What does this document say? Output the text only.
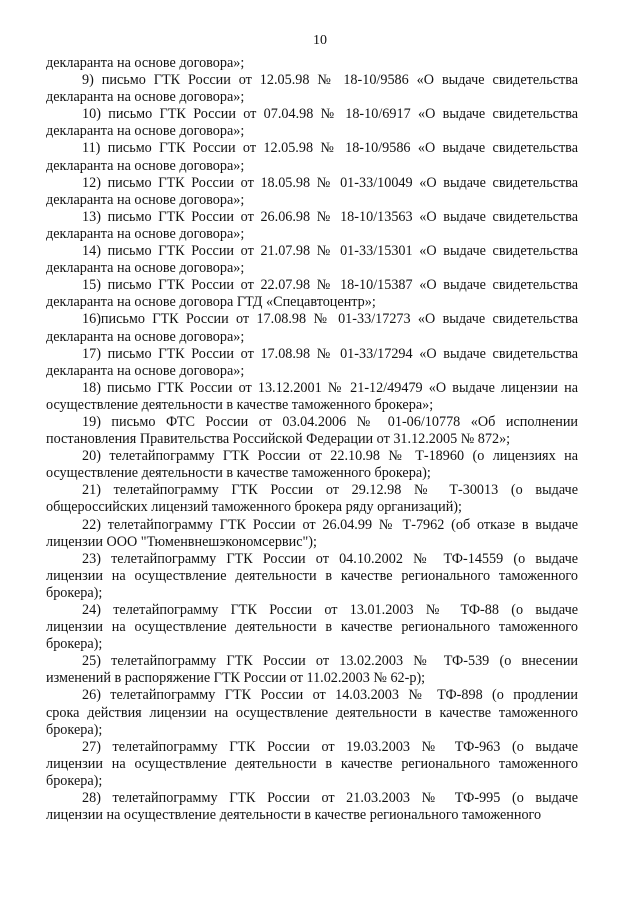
10
декларанта на основе договора»;
9) письмо ГТК России от 12.05.98 № 18-10/9586 «О выдаче свидетельства
декларанта на основе договора»;
10) письмо ГТК России от 07.04.98 № 18-10/6917 «О выдаче свидетельства
декларанта на основе договора»;
11) письмо ГТК России от 12.05.98 № 18-10/9586 «О выдаче свидетельства
декларанта на основе договора»;
12) письмо ГТК России от 18.05.98 № 01-33/10049 «О выдаче свидетельства
декларанта на основе договора»;
13) письмо ГТК России от 26.06.98 № 18-10/13563 «О выдаче свидетельства
декларанта на основе договора»;
14) письмо ГТК России от 21.07.98 № 01-33/15301 «О выдаче свидетельства
декларанта на основе договора»;
15) письмо ГТК России от 22.07.98 № 18-10/15387 «О выдаче свидетельства
декларанта на основе договора ГТД «Спецавтоцентр»;
16)письмо ГТК России от 17.08.98 № 01-33/17273 «О выдаче свидетельства
декларанта на основе договора»;
17) письмо ГТК России от 17.08.98 № 01-33/17294 «О выдаче свидетельства
декларанта на основе договора»;
18) письмо ГТК России от 13.12.2001 № 21-12/49479 «О выдаче лицензии на
осуществление деятельности в качестве таможенного брокера»;
19) письмо ФТС России от 03.04.2006 № 01-06/10778 «Об исполнении
постановления Правительства Российской Федерации от 31.12.2005 № 872»;
20) телетайпограмму ГТК России от 22.10.98 № Т-18960 (о лицензиях на
осуществление деятельности в качестве таможенного брокера);
21) телетайпограмму ГТК России от 29.12.98 № Т-30013 (о выдаче
общероссийских лицензий таможенного брокера ряду организаций);
22) телетайпограмму ГТК России от 26.04.99 № Т-7962 (об отказе в выдаче
лицензии ООО "Тюменвнешэкономсервис");
23) телетайпограмму ГТК России от 04.10.2002 № ТФ-14559 (о выдаче
лицензии на осуществление деятельности в качестве регионального таможенного брокера);
24) телетайпограмму ГТК России от 13.01.2003 № ТФ-88 (о выдаче
лицензии на осуществление деятельности в качестве регионального таможенного брокера);
25) телетайпограмму ГТК России от 13.02.2003 № ТФ-539 (о внесении
изменений в распоряжение ГТК России от 11.02.2003 № 62-р);
26) телетайпограмму ГТК России от 14.03.2003 № ТФ-898 (о продлении
срока действия лицензии на осуществление деятельности в качестве таможенного брокера);
27) телетайпограмму ГТК России от 19.03.2003 № ТФ-963 (о выдаче
лицензии на осуществление деятельности в качестве регионального таможенного брокера);
28) телетайпограмму ГТК России от 21.03.2003 № ТФ-995 (о выдаче
лицензии на осуществление деятельности в качестве регионального таможенного
